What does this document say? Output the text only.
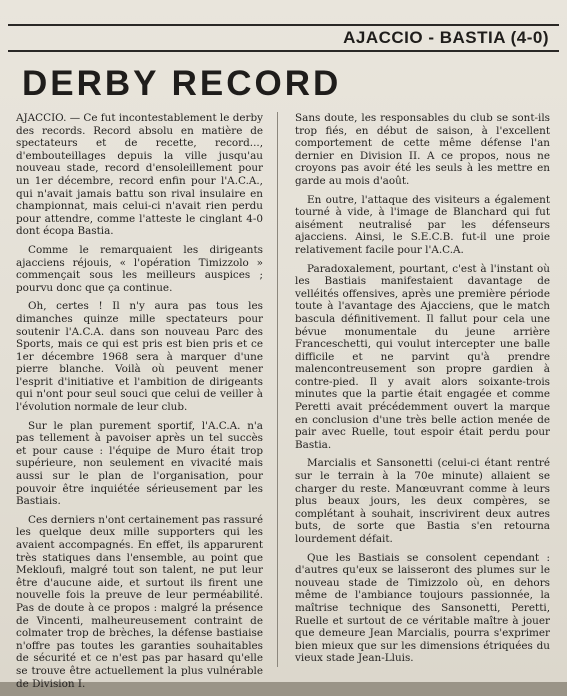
AJACCIO - BASTIA (4-0)
DERBY RECORD

AJACCIO. — Ce fut incontestablement le derby des records. Record absolu en matière de spectateurs et de recette, record..., d'embouteillages depuis la ville jusqu'au nouveau stade, record d'ensoleillement pour un 1er décembre, record enfin pour l'A.C.A., qui n'avait jamais battu son rival insulaire en championnat, mais celui-ci n'avait rien perdu pour attendre, comme l'atteste le cinglant 4-0 dont écopa Bastia.

Comme le remarquaient les dirigeants ajacciens réjouis, « l'opération Timizzolo » commençait sous les meilleurs auspices ; pourvu donc que ça continue.

Oh, certes ! Il n'y aura pas tous les dimanches quinze mille spectateurs pour soutenir l'A.C.A. dans son nouveau Parc des Sports, mais ce qui est pris est bien pris et ce 1er décembre 1968 sera à marquer d'une pierre blanche. Voilà où peuvent mener l'esprit d'initiative et l'ambition de dirigeants qui n'ont pour seul souci que celui de veiller à l'évolution normale de leur club.

Sur le plan purement sportif, l'A.C.A. n'a pas tellement à pavoiser après un tel succès et pour cause : l'équipe de Muro était trop supérieure, non seulement en vivacité mais aussi sur le plan de l'organisation, pour pouvoir être inquiétée sérieusement par les Bastiais.

Ces derniers n'ont certainement pas rassuré les quelque deux mille supporters qui les avaient accompagnés. En effet, ils apparurent très statiques dans l'ensemble, au point que Mekloufi, malgré tout son talent, ne put leur être d'aucune aide, et surtout ils firent une nouvelle fois la preuve de leur perméabilité. Pas de doute à ce propos : malgré la présence de Vincenti, malheureusement contraint de colmater trop de brèches, la défense bastiaise n'offre pas toutes les garanties souhaitables de sécurité et ce n'est pas par hasard qu'elle se trouve être actuellement la plus vulnérable de Division I.

Sans doute, les responsables du club se sont-ils trop fiés, en début de saison, à l'excellent comportement de cette même défense l'an dernier en Division II. A ce propos, nous ne croyons pas avoir été les seuls à les mettre en garde au mois d'août.

En outre, l'attaque des visiteurs a également tourné à vide, à l'image de Blanchard qui fut aisément neutralisé par les défenseurs ajacciens. Ainsi, le S.E.C.B. fut-il une proie relativement facile pour l'A.C.A.

Paradoxalement, pourtant, c'est à l'instant où les Bastiais manifestaient davantage de velléités offensives, après une première période toute à l'avantage des Ajacciens, que le match bascula définitivement. Il fallut pour cela une bévue monumentale du jeune arrière Franceschetti, qui voulut intercepter une balle difficile et ne parvint qu'à prendre malencontreusement son propre gardien à contre-pied. Il y avait alors soixante-trois minutes que la partie était engagée et comme Peretti avait précédemment ouvert la marque en conclusion d'une très belle action menée de pair avec Ruelle, tout espoir était perdu pour Bastia.

Marcialis et Sansonetti (celui-ci étant rentré sur le terrain à la 70e minute) allaient se charger du reste. Manœuvrant comme à leurs plus beaux jours, les deux compères, se complétant à souhait, inscrivirent deux autres buts, de sorte que Bastia s'en retourna lourdement défait.

Que les Bastiais se consolent cependant : d'autres qu'eux se laisseront des plumes sur le nouveau stade de Timizzolo où, en dehors même de l'ambiance toujours passionnée, la maîtrise technique des Sansonetti, Peretti, Ruelle et surtout de ce véritable maître à jouer que demeure Jean Marcialis, pourra s'exprimer bien mieux que sur les dimensions étriquées du vieux stade Jean-Lluis.
